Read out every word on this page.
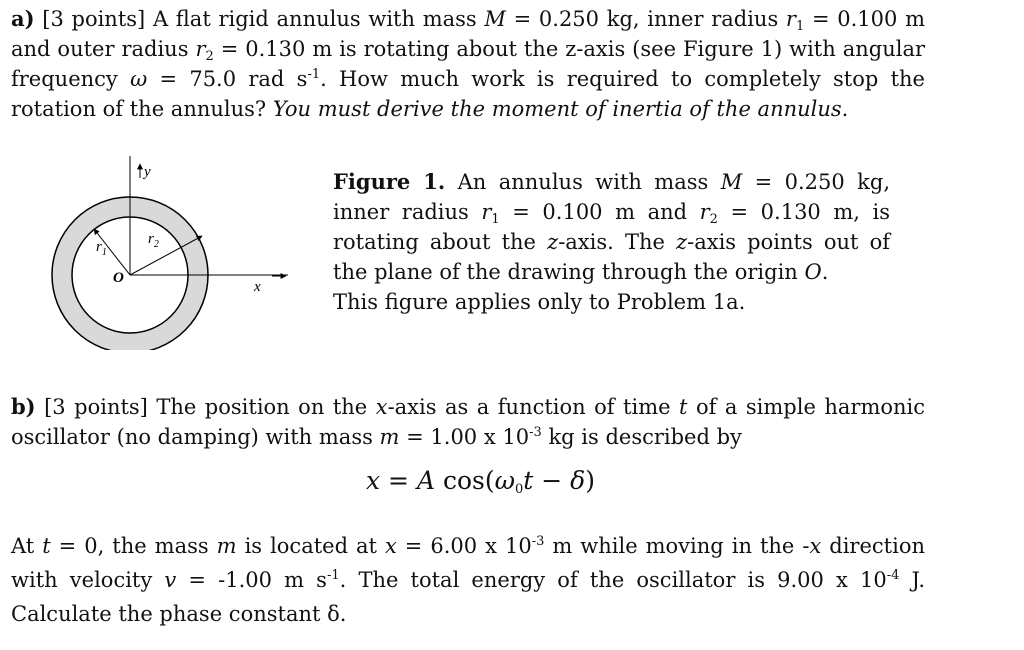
a) [3 points] A flat rigid annulus with mass M = 0.250 kg, inner radius $r_1 = 0.100$ m
and outer radius $r_2 = 0.130$ m is rotating about the z-axis (see Figure 1) with angular
frequency ω = 75.0 rad $s^{-1}$. How much work is required to completely stop the
rotation of the annulus? You must derive the moment of inertia of the annulus.
y
x
O
$r_1$
$r_2$
Figure 1. An annulus with mass M = 0.250 kg,
inner radius $r_1 = 0.100$ m and $r_2 = 0.130$ m, is
rotating about the z-axis. The z-axis points out of
the plane of the drawing through the origin O.
This figure applies only to Problem 1a.
b) [3 points] The position on the x-axis as a function of time t of a simple harmonic
oscillator (no damping) with mass m = 1.00 x $10^{-3}$ kg is described by
x = A $\cos(\omega_0t - \delta)$
At t = 0, the mass m is located at x = 6.00 x $10^{-3}$ m while moving in the -x direction
with velocity v = -1.00 m $s^{-1}$. The total energy of the oscillator is 9.00 x $10^{-4}$ J.
Calculate the phase constant δ.
